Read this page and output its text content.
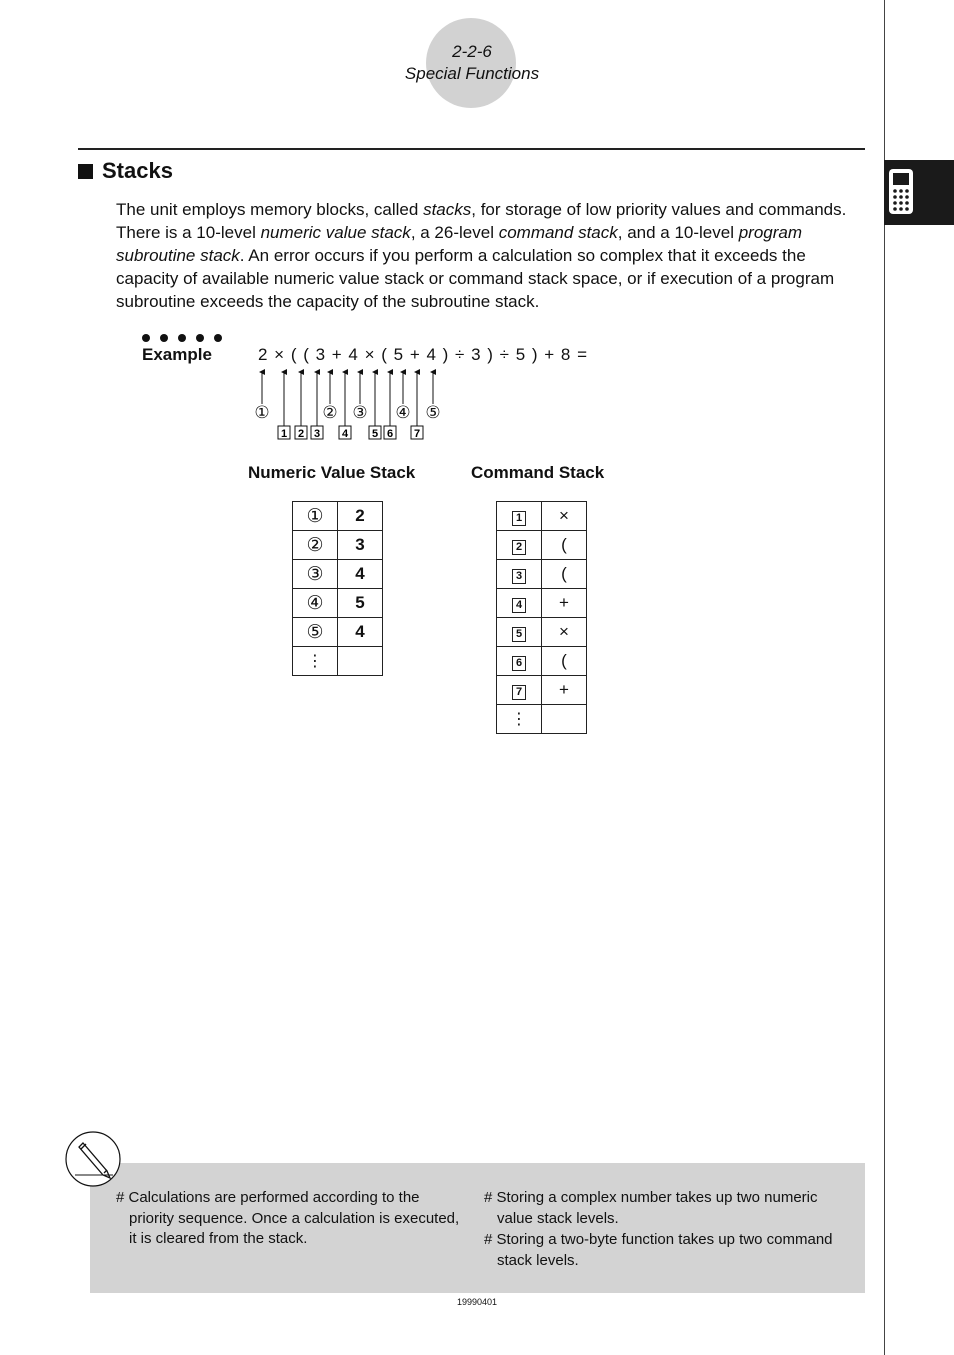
2-2-6
Special Functions
Stacks
The unit employs memory blocks, called stacks, for storage of low priority values and commands. There is a 10-level numeric value stack, a 26-level command stack, and a 10-level program subroutine stack. An error occurs if you perform a calculation so complex that it exceeds the capacity of available numeric value stack or command stack space, or if execution of a program subroutine exceeds the capacity of the subroutine stack.
Example	2 × ( ( 3 + 4 × ( 5 + 4 ) ÷ 3 ) ÷ 5 ) + 8 =
①	② ③ ④ ⑤
1 2 3 4 5 6 7
Numeric Value Stack	Command Stack
①	2
②	3
③	4
④	5
⑤	4
⋮	
1	×
2	(
3	(
4	+
5	×
6	(
7	+
⋮	
# Calculations are performed according to the priority sequence. Once a calculation is executed, it is cleared from the stack.
# Storing a complex number takes up two numeric value stack levels.
# Storing a two-byte function takes up two command stack levels.
19990401
